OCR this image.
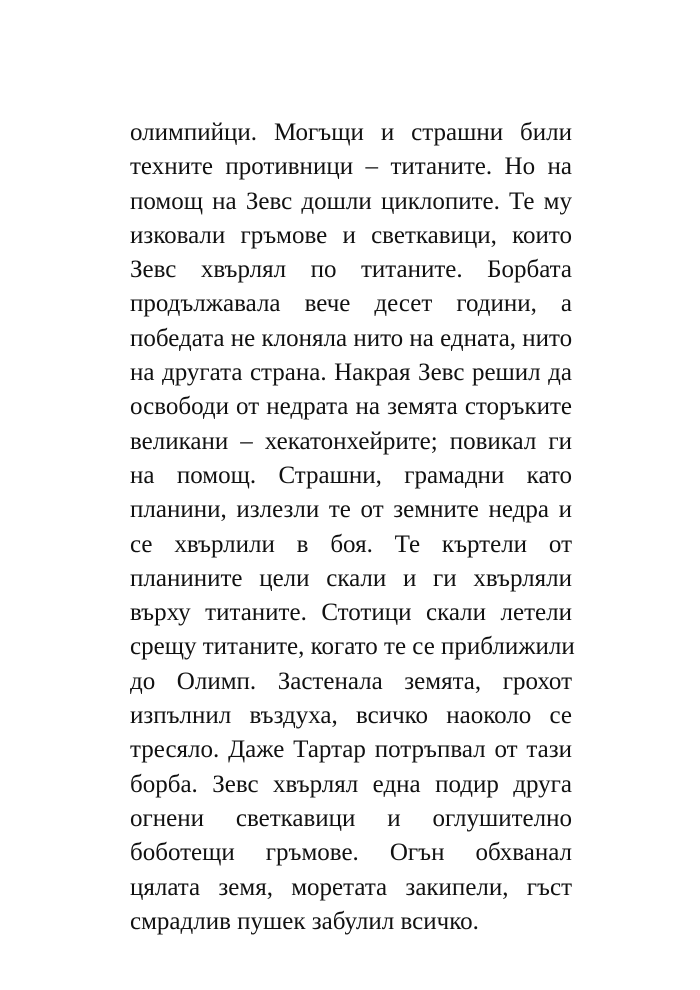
олимпийци. Могъщи и страшни били
техните противници – титаните. Но на
помощ на Зевс дошли циклопите. Те му
изковали гръмове и светкавици, които
Зевс хвърлял по титаните. Борбата
продължавала вече десет години, а
победата не клоняла нито на едната, нито
на другата страна. Накрая Зевс решил да
освободи от недрата на земята сторъките
великани – хекатонхейрите; повикал ги
на помощ. Страшни, грамадни като
планини, излезли те от земните недра и
се хвърлили в боя. Те къртели от
планините цели скали и ги хвърляли
върху титаните. Стотици скали летели
срещу титаните, когато те се приближили
до Олимп. Застенала земята, грохот
изпълнил въздуха, всичко наоколо се
тресяло. Даже Тартар потръпвал от тази
борба. Зевс хвърлял една подир друга
огнени светкавици и оглушително
боботещи гръмове. Огън обхванал
цялата земя, моретата закипели, гъст
смрадлив пушек забулил всичко.
